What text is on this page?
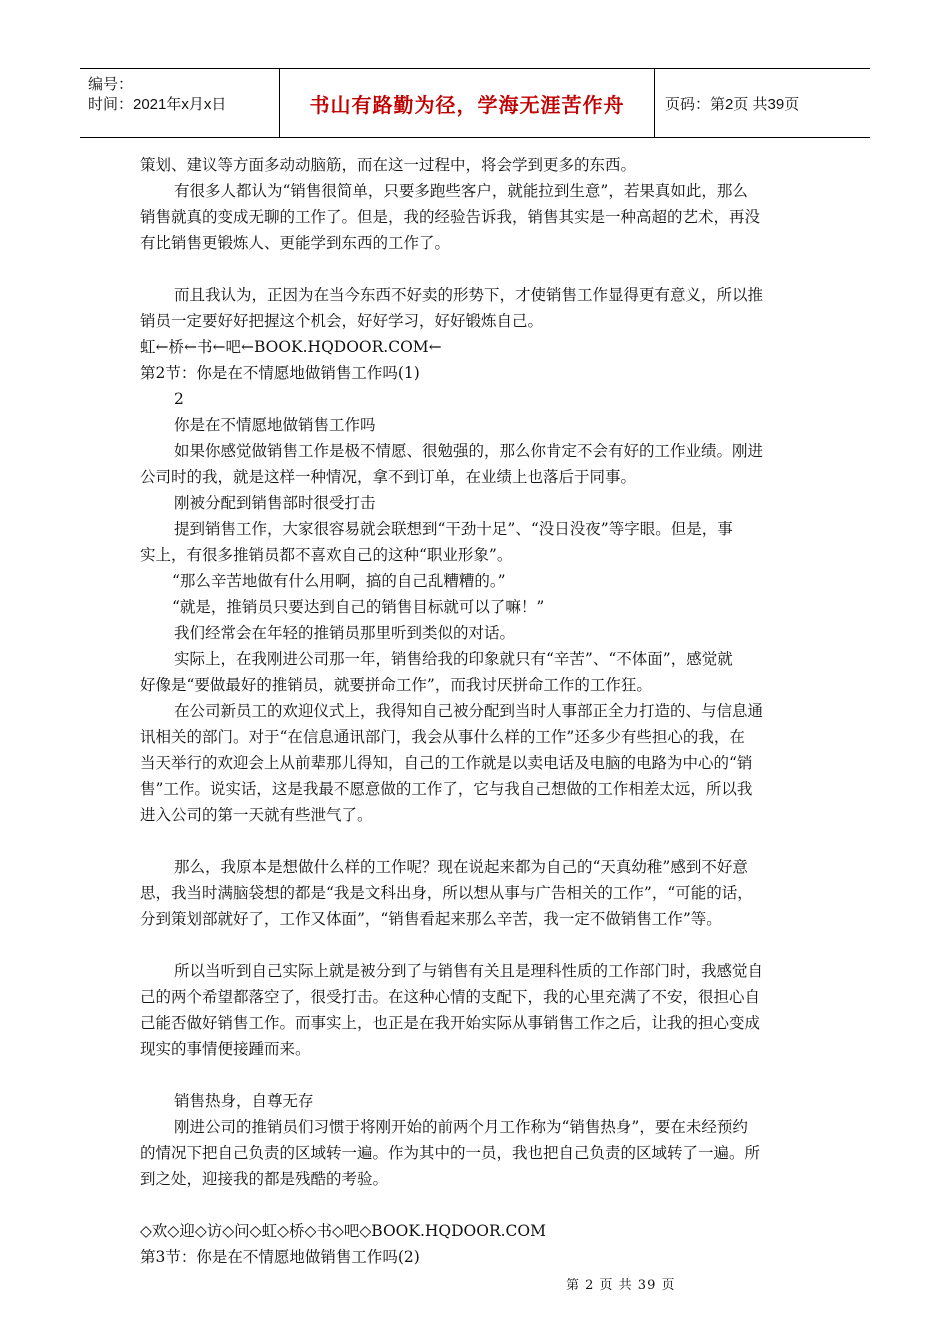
编号：
时间：2021年x月x日	书山有路勤为径，学海无涯苦作舟	页码：第2页 共39页
策划、建议等方面多动动脑筋，而在这一过程中，将会学到更多的东西。
有很多人都认为“销售很简单，只要多跑些客户，就能拉到生意”，若果真如此，那么
销售就真的变成无聊的工作了。但是，我的经验告诉我，销售其实是一种高超的艺术，再没
有比销售更锻炼人、更能学到东西的工作了。
而且我认为，正因为在当今东西不好卖的形势下，才使销售工作显得更有意义，所以推
销员一定要好好把握这个机会，好好学习，好好锻炼自己。
虹←桥←书←吧←BOOK.HQDOOR.COM←
第2节：你是在不情愿地做销售工作吗(1)
2
你是在不情愿地做销售工作吗
如果你感觉做销售工作是极不情愿、很勉强的，那么你肯定不会有好的工作业绩。刚进
公司时的我，就是这样一种情况，拿不到订单，在业绩上也落后于同事。
刚被分配到销售部时很受打击
提到销售工作，大家很容易就会联想到“干劲十足”、“没日没夜”等字眼。但是，事
实上，有很多推销员都不喜欢自己的这种“职业形象”。
“那么辛苦地做有什么用啊，搞的自己乱糟糟的。”
“就是，推销员只要达到自己的销售目标就可以了嘛！”
我们经常会在年轻的推销员那里听到类似的对话。
实际上，在我刚进公司那一年，销售给我的印象就只有“辛苦”、“不体面”，感觉就
好像是“要做最好的推销员，就要拼命工作”，而我讨厌拼命工作的工作狂。
在公司新员工的欢迎仪式上，我得知自己被分配到当时人事部正全力打造的、与信息通
讯相关的部门。对于“在信息通讯部门，我会从事什么样的工作”还多少有些担心的我，在
当天举行的欢迎会上从前辈那儿得知，自己的工作就是以卖电话及电脑的电路为中心的“销
售”工作。说实话，这是我最不愿意做的工作了，它与我自己想做的工作相差太远，所以我
进入公司的第一天就有些泄气了。
那么，我原本是想做什么样的工作呢？现在说起来都为自己的“天真幼稚”感到不好意
思，我当时满脑袋想的都是“我是文科出身，所以想从事与广告相关的工作”，“可能的话，
分到策划部就好了，工作又体面”，“销售看起来那么辛苦，我一定不做销售工作”等。
所以当听到自己实际上就是被分到了与销售有关且是理科性质的工作部门时，我感觉自
己的两个希望都落空了，很受打击。在这种心情的支配下，我的心里充满了不安，很担心自
己能否做好销售工作。而事实上，也正是在我开始实际从事销售工作之后，让我的担心变成
现实的事情便接踵而来。
销售热身，自尊无存
刚进公司的推销员们习惯于将刚开始的前两个月工作称为“销售热身”，要在未经预约
的情况下把自己负责的区域转一遍。作为其中的一员，我也把自己负责的区域转了一遍。所
到之处，迎接我的都是残酷的考验。
◇欢◇迎◇访◇问◇虹◇桥◇书◇吧◇BOOK.HQDOOR.COM
第3节：你是在不情愿地做销售工作吗(2)
第 2 页 共 39 页
